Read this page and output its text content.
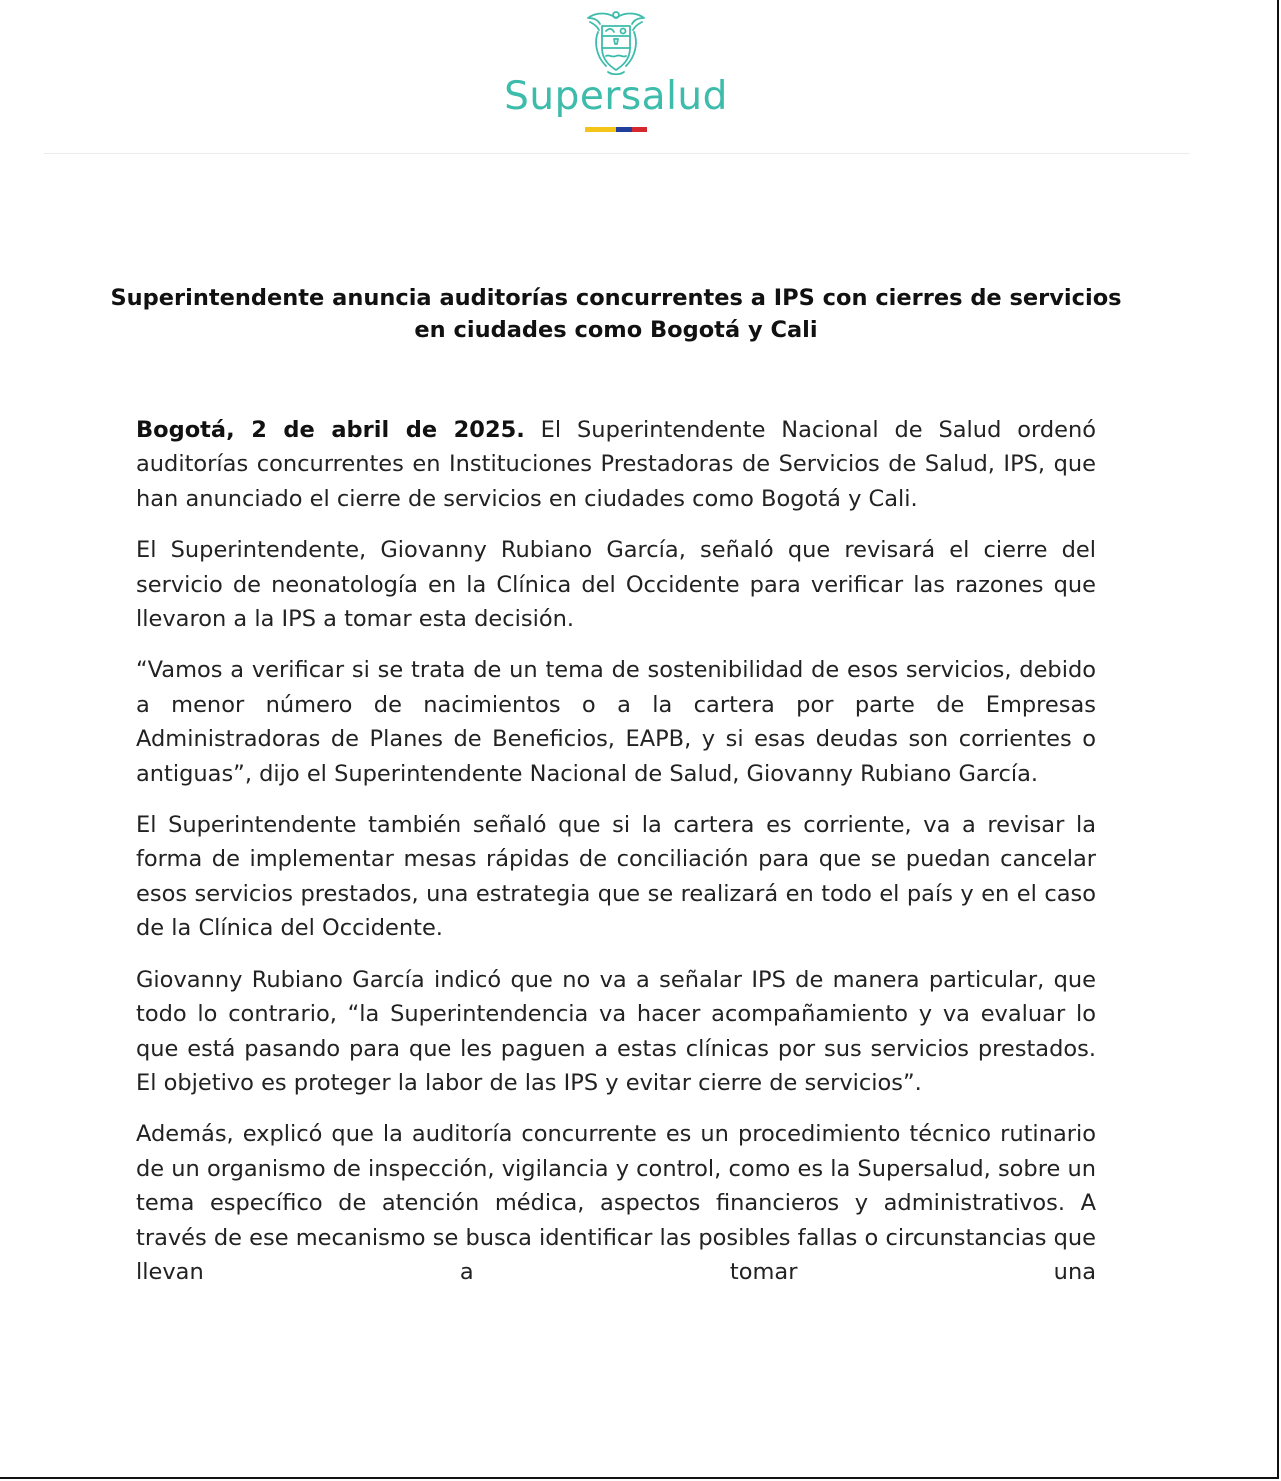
Supersalud
Superintendente anuncia auditorías concurrentes a IPS con cierres de servicios en ciudades como Bogotá y Cali

Bogotá, 2 de abril de 2025. El Superintendente Nacional de Salud ordenó auditorías concurrentes en Instituciones Prestadoras de Servicios de Salud, IPS, que han anunciado el cierre de servicios en ciudades como Bogotá y Cali.

El Superintendente, Giovanny Rubiano García, señaló que revisará el cierre del servicio de neonatología en la Clínica del Occidente para verificar las razones que llevaron a la IPS a tomar esta decisión.

“Vamos a verificar si se trata de un tema de sostenibilidad de esos servicios, debido a menor número de nacimientos o a la cartera por parte de Empresas Administradoras de Planes de Beneficios, EAPB, y si esas deudas son corrientes o antiguas”, dijo el Superintendente Nacional de Salud, Giovanny Rubiano García.

El Superintendente también señaló que si la cartera es corriente, va a revisar la forma de implementar mesas rápidas de conciliación para que se puedan cancelar esos servicios prestados, una estrategia que se realizará en todo el país y en el caso de la Clínica del Occidente.

Giovanny Rubiano García indicó que no va a señalar IPS de manera particular, que todo lo contrario, “la Superintendencia va hacer acompañamiento y va evaluar lo que está pasando para que les paguen a estas clínicas por sus servicios prestados. El objetivo es proteger la labor de las IPS y evitar cierre de servicios”.

Además, explicó que la auditoría concurrente es un procedimiento técnico rutinario de un organismo de inspección, vigilancia y control, como es la Supersalud, sobre un tema específico de atención médica, aspectos financieros y administrativos. A través de ese mecanismo se busca identificar las posibles fallas o circunstancias que llevan a tomar una
